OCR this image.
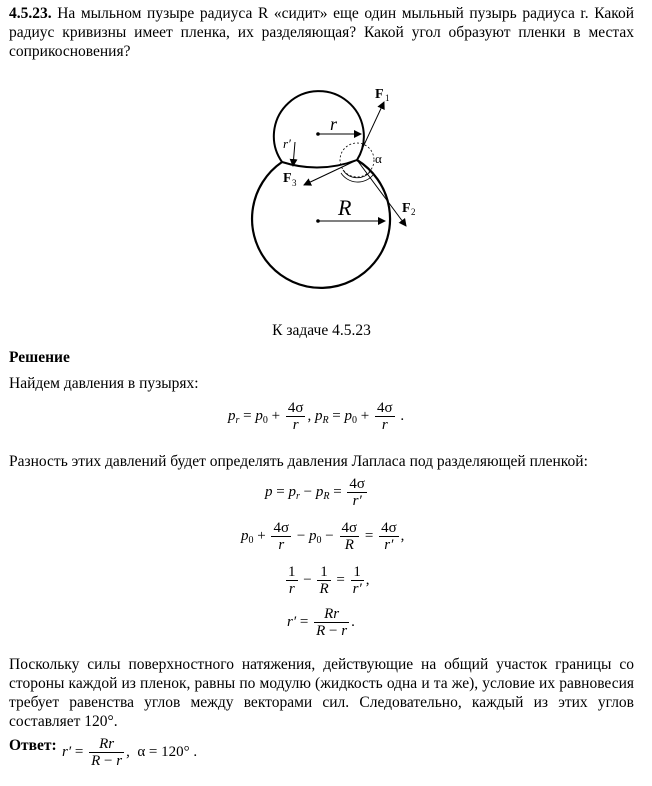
4.5.23. На мыльном пузыре радиуса R «сидит» еще один мыльный пузырь радиуса r. Какой радиус кривизны имеет пленка, их разделяющая? Какой угол образуют пленки в местах соприкосновения?
F 1
F 2
F 3
r
r′
R
α
К задаче 4.5.23
Решение
Найдем давления в пузырях:
$p_r = p_0 + \frac{4\sigma}{r}$ , $p_R = p_0 + \frac{4\sigma}{r}$ .
Разность этих давлений будет определять давления Лапласа под разделяющей пленкой:
$p = p_r - p_R = \frac{4\sigma}{r'}$
$p_0 + \frac{4\sigma}{r} - p_0 - \frac{4\sigma}{R} = \frac{4\sigma}{r'}$ ,
$\frac{1}{r} - \frac{1}{R} = \frac{1}{r'}$ ,
$r' = \frac{Rr}{R - r}$ .
Поскольку силы поверхностного натяжения, действующие на общий участок границы со стороны каждой из пленок, равны по модулю (жидкость одна и та же), условие их равновесия требует равенства углов между векторами сил. Следовательно, каждый из этих углов составляет 120°.
Ответ: $r' = \frac{Rr}{R - r}$ ,  α = 120° .
